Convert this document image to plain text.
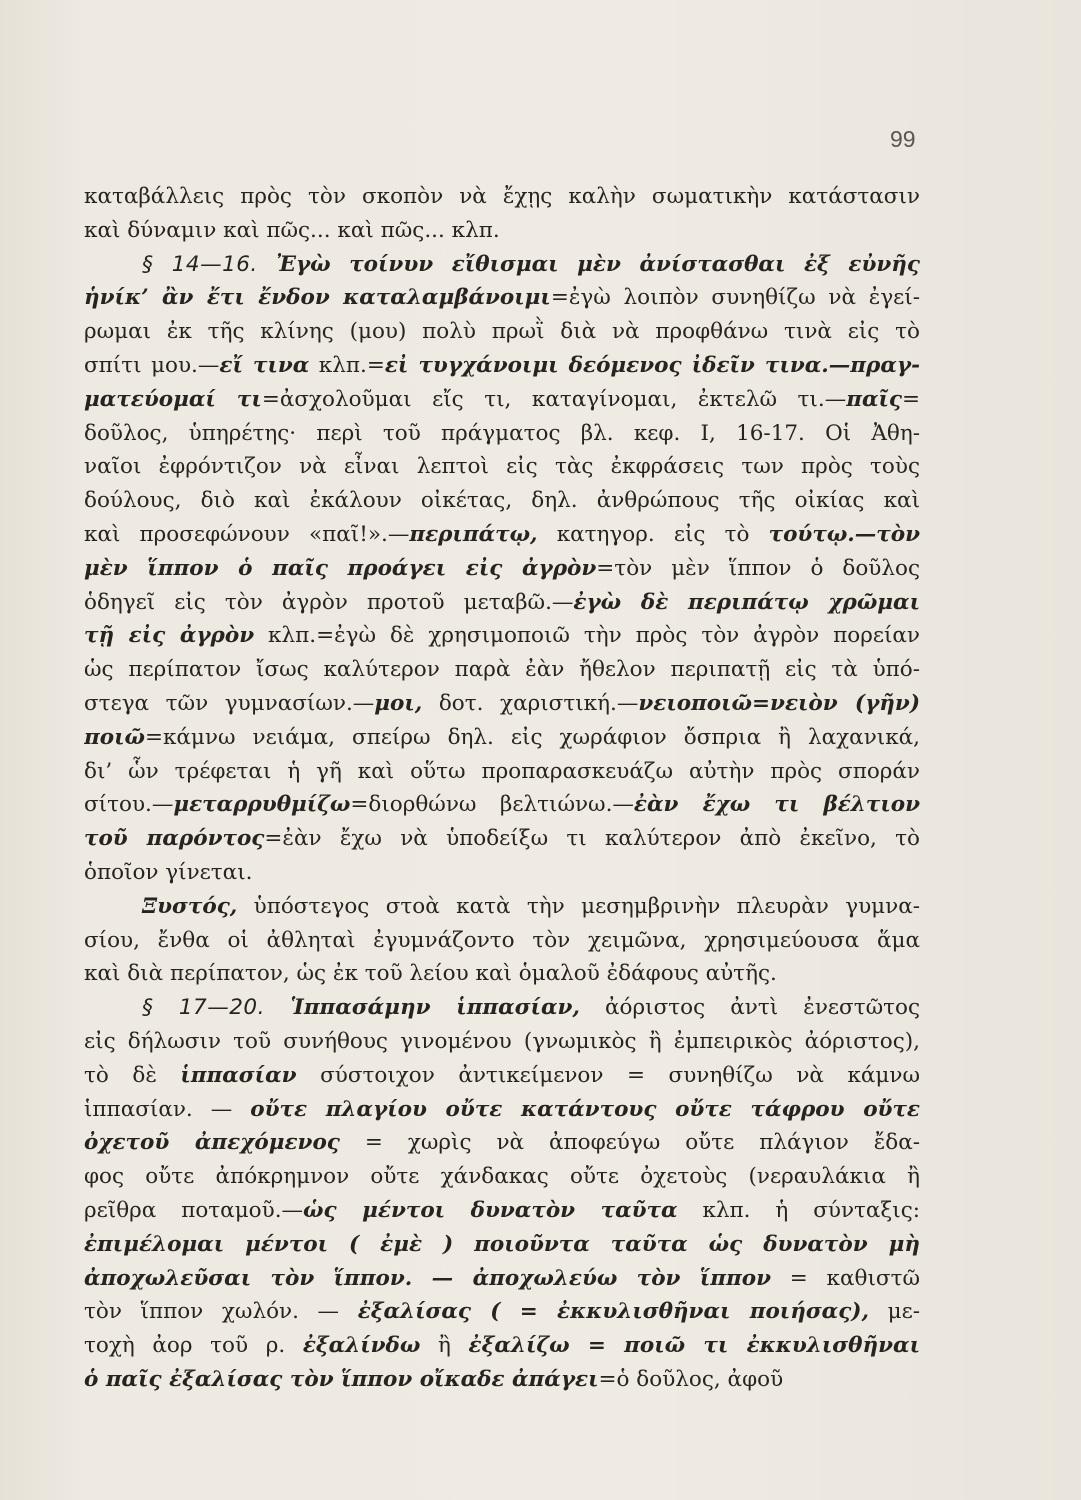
99
καταβάλλεις πρὸς τὸν σκοπὸν νὰ ἔχῃς καλὴν σωματικὴν κατάστασιν
καὶ δύναμιν καὶ πῶς... καὶ πῶς... κλπ.
§ 14—16. Ἐγὼ τοίνυν εἴθισμαι μὲν ἀνίστασθαι ἐξ εὐνῆς
ἡνίκ’ ἂν ἔτι ἔνδον καταλαμβάνοιμι=ἐγὼ λοιπὸν συνηθίζω νὰ ἐγεί-
ρωμαι ἐκ τῆς κλίνης (μου) πολὺ πρωῒ διὰ νὰ προφθάνω τινὰ εἰς τὸ
σπίτι μου.—εἴ τινα κλπ.=εἰ τυγχάνοιμι δεόμενος ἰδεῖν τινα.—πραγ-
ματεύομαί τι=ἀσχολοῦμαι εἴς τι, καταγίνομαι, ἐκτελῶ τι.—παῖς=
δοῦλος, ὑπηρέτης· περὶ τοῦ πράγματος βλ. κεφ. Ι, 16-17. Οἱ Ἀθη-
ναῖοι ἐφρόντιζον νὰ εἶναι λεπτοὶ εἰς τὰς ἐκφράσεις των πρὸς τοὺς
δούλους, διὸ καὶ ἐκάλουν οἰκέτας, δηλ. ἀνθρώπους τῆς οἰκίας καὶ
καὶ προσεφώνουν «παῖ!».—περιπάτῳ, κατηγορ. εἰς τὸ τούτῳ.—τὸν
μὲν ἵππον ὁ παῖς προάγει εἰς ἀγρὸν=τὸν μὲν ἵππον ὁ δοῦλος
ὁδηγεῖ εἰς τὸν ἀγρὸν προτοῦ μεταβῶ.—ἐγὼ δὲ περιπάτῳ χρῶμαι
τῇ εἰς ἀγρὸν κλπ.=ἐγὼ δὲ χρησιμοποιῶ τὴν πρὸς τὸν ἀγρὸν πορείαν
ὡς περίπατον ἴσως καλύτερον παρὰ ἐὰν ἤθελον περιπατῇ εἰς τὰ ὑπό-
στεγα τῶν γυμνασίων.—μοι, δοτ. χαριστική.—νειοποιῶ=νειὸν (γῆν)
ποιῶ=κάμνω νειάμα, σπείρω δηλ. εἰς χωράφιον ὄσπρια ἢ λαχανικά,
δι’ ὧν τρέφεται ἡ γῆ καὶ οὕτω προπαρασκευάζω αὐτὴν πρὸς σποράν
σίτου.—μεταρρυθμίζω=διορθώνω βελτιώνω.—ἐὰν ἔχω τι βέλτιον
τοῦ παρόντος=ἐὰν ἔχω νὰ ὑποδείξω τι καλύτερον ἀπὸ ἐκεῖνο, τὸ
ὁποῖον γίνεται.
Ξυστός, ὑπόστεγος στοὰ κατὰ τὴν μεσημβρινὴν πλευρὰν γυμνα-
σίου, ἔνθα οἱ ἀθληταὶ ἐγυμνάζοντο τὸν χειμῶνα, χρησιμεύουσα ἅμα
καὶ διὰ περίπατον, ὡς ἐκ τοῦ λείου καὶ ὁμαλοῦ ἐδάφους αὐτῆς.
§ 17—20. Ἱππασάμην ἱππασίαν, ἀόριστος ἀντὶ ἐνεστῶτος
εἰς δήλωσιν τοῦ συνήθους γινομένου (γνωμικὸς ἢ ἐμπειρικὸς ἀόριστος),
τὸ δὲ ἱππασίαν σύστοιχον ἀντικείμενον = συνηθίζω νὰ κάμνω
ἱππασίαν. — οὔτε πλαγίου οὔτε κατάντους οὔτε τάφρου οὔτε
ὀχετοῦ ἀπεχόμενος = χωρὶς νὰ ἀποφεύγω οὔτε πλάγιον ἔδα-
φος οὔτε ἀπόκρημνον οὔτε χάνδακας οὔτε ὀχετοὺς (νεραυλάκια ἢ
ρεῖθρα ποταμοῦ.—ὡς μέντοι δυνατὸν ταῦτα κλπ. ἡ σύνταξις:
ἐπιμέλομαι μέντοι ( ἐμὲ ) ποιοῦντα ταῦτα ὡς δυνατὸν μὴ
ἀποχωλεῦσαι τὸν ἵππον. — ἀποχωλεύω τὸν ἵππον = καθιστῶ
τὸν ἵππον χωλόν. — ἐξαλίσας ( = ἐκκυλισθῆναι ποιήσας), με-
τοχὴ ἀορ τοῦ ρ. ἐξαλίνδω ἢ ἐξαλίζω = ποιῶ τι ἐκκυλισθῆναι
ὁ παῖς ἐξαλίσας τὸν ἵππον οἴκαδε ἀπάγει=ὁ δοῦλος, ἀφοῦ
